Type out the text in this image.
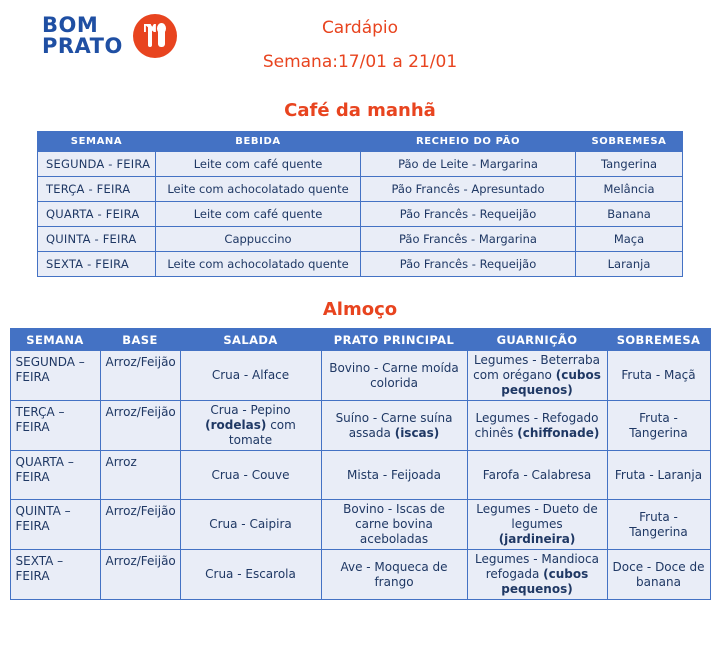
BOM
PRATO
Cardápio
Semana:17/01 a 21/01
Café da manhã
SEMANA	BEBIDA	RECHEIO DO PÃO	SOBREMESA
SEGUNDA - FEIRA	Leite com café quente	Pão de Leite - Margarina	Tangerina
TERÇA - FEIRA	Leite com achocolatado quente	Pão Francês - Apresuntado	Melância
QUARTA - FEIRA	Leite com café quente	Pão Francês - Requeijão	Banana
QUINTA - FEIRA	Cappuccino	Pão Francês - Margarina	Maça
SEXTA - FEIRA	Leite com achocolatado quente	Pão Francês - Requeijão	Laranja
Almoço
SEMANA	BASE	SALADA	PRATO PRINCIPAL	GUARNIÇÃO	SOBREMESA
SEGUNDA – FEIRA	Arroz/Feijão	Crua - Alface	Bovino - Carne moída colorida	Legumes - Beterraba com orégano (cubos pequenos)	Fruta - Maçã
TERÇA – FEIRA	Arroz/Feijão	Crua - Pepino (rodelas) com tomate	Suíno - Carne suína assada (iscas)	Legumes - Refogado chinês (chiffonade)	Fruta - Tangerina
QUARTA – FEIRA	Arroz	Crua - Couve	Mista - Feijoada	Farofa - Calabresa	Fruta - Laranja
QUINTA – FEIRA	Arroz/Feijão	Crua - Caipira	Bovino - Iscas de carne bovina aceboladas	Legumes - Dueto de legumes (jardineira)	Fruta - Tangerina
SEXTA – FEIRA	Arroz/Feijão	Crua - Escarola	Ave - Moqueca de frango	Legumes - Mandioca refogada (cubos pequenos)	Doce - Doce de banana
